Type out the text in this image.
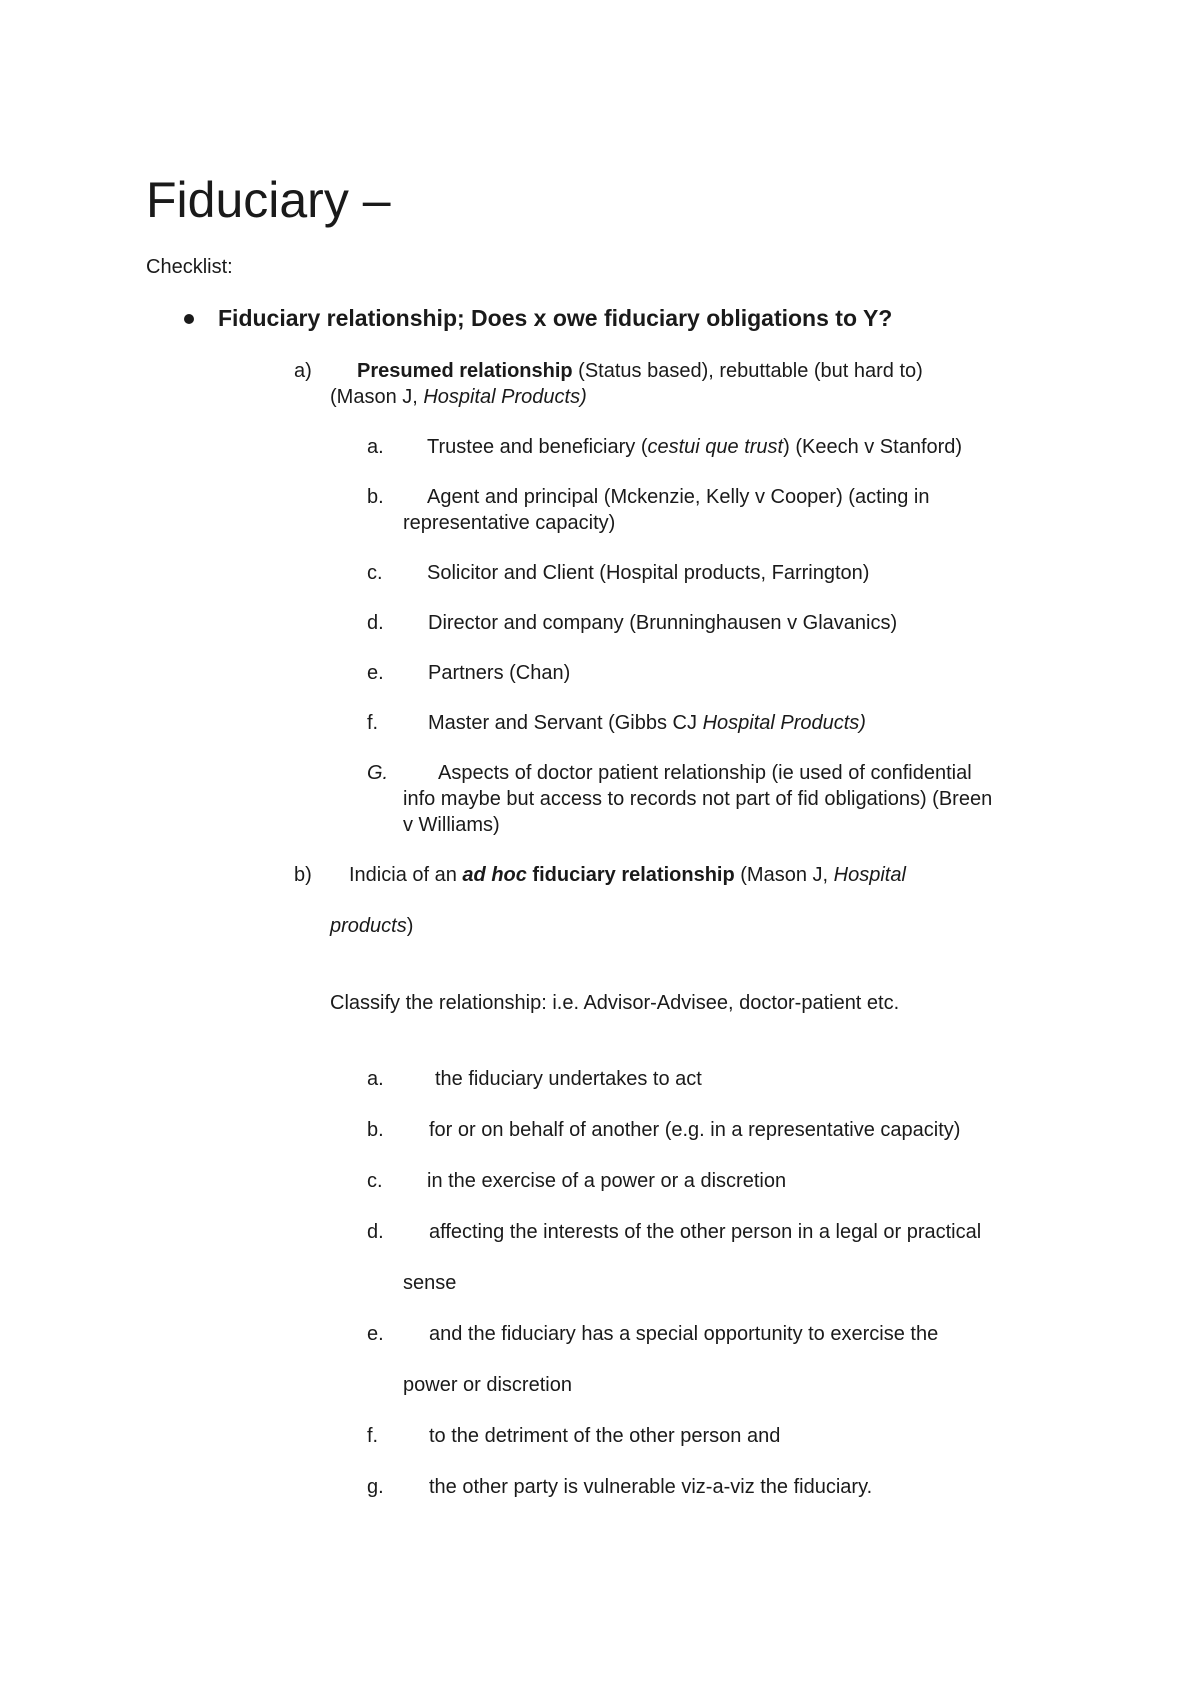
Fiduciary –
Checklist:
Fiduciary relationship; Does x owe fiduciary obligations to Y?
a) Presumed relationship (Status based), rebuttable (but hard to)
(Mason J, Hospital Products)
a. Trustee and beneficiary (cestui que trust) (Keech v Stanford)
b. Agent and principal (Mckenzie, Kelly v Cooper) (acting in
representative capacity)
c. Solicitor and Client (Hospital products, Farrington)
d. Director and company (Brunninghausen v Glavanics)
e. Partners (Chan)
f. Master and Servant (Gibbs CJ Hospital Products)
G. Aspects of doctor patient relationship (ie used of confidential
info maybe but access to records not part of fid obligations) (Breen
v Williams)
b) Indicia of an ad hoc fiduciary relationship (Mason J, Hospital
products)
Classify the relationship: i.e. Advisor-Advisee, doctor-patient etc.
a.	the fiduciary undertakes to act
b. for or on behalf of another (e.g. in a representative capacity)
c. in the exercise of a power or a discretion
d. affecting the interests of the other person in a legal or practical
sense
e. and the fiduciary has a special opportunity to exercise the
power or discretion
f.	to the detriment of the other person and
g. the other party is vulnerable viz-a-viz the fiduciary.
